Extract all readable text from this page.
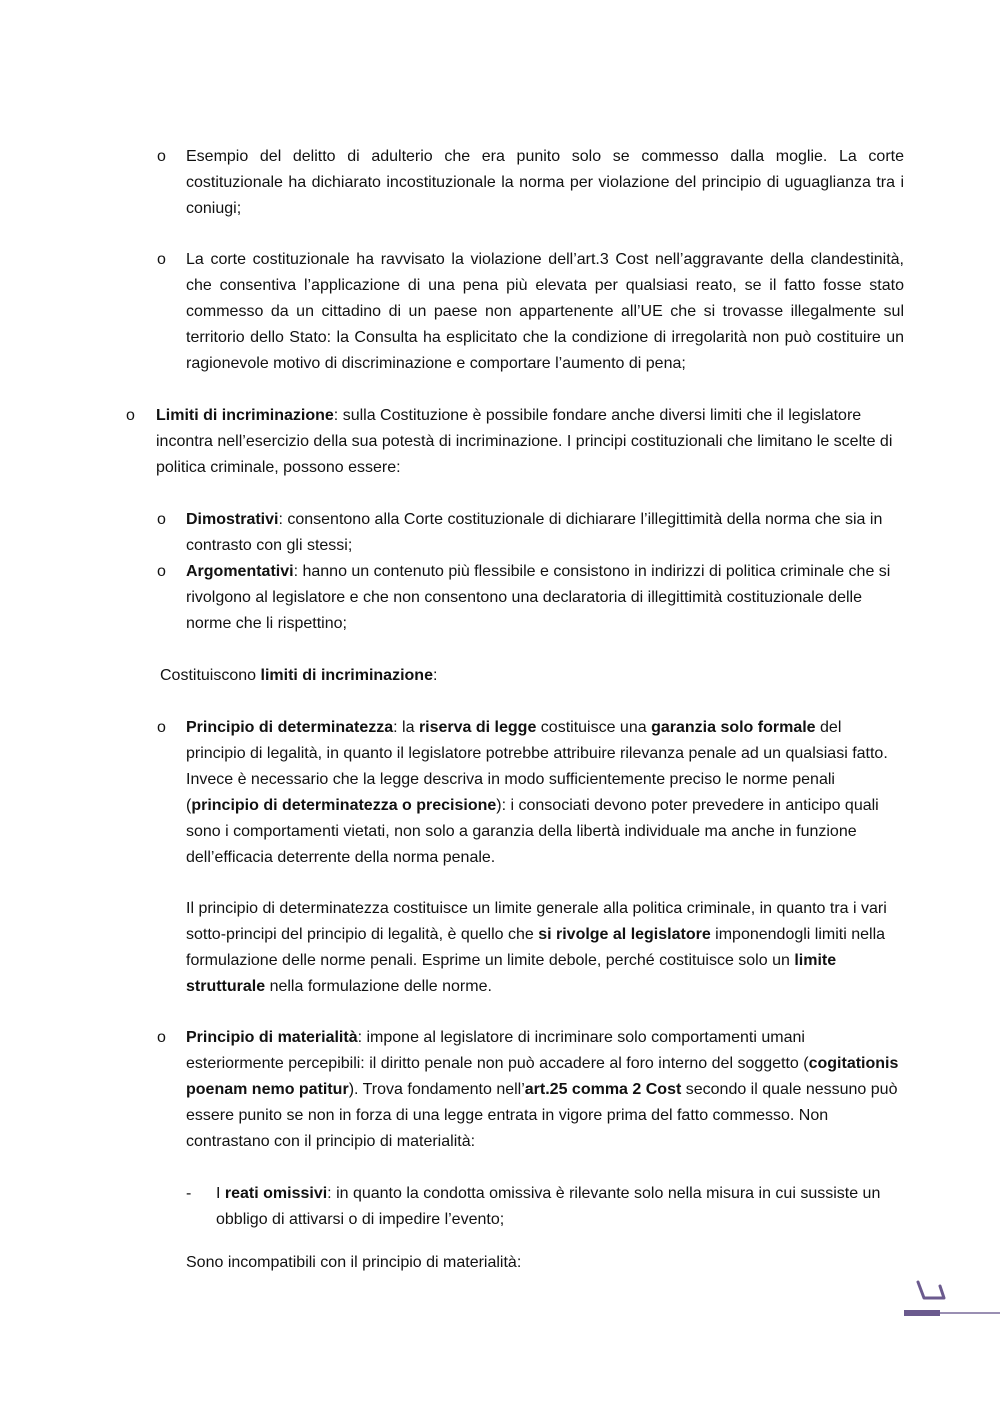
o Esempio del delitto di adulterio che era punito solo se commesso dalla moglie. La corte costituzionale ha dichiarato incostituzionale la norma per violazione del principio di uguaglianza tra i coniugi;

o La corte costituzionale ha ravvisato la violazione dell’art.3 Cost nell’aggravante della clandestinità, che consentiva l’applicazione di una pena più elevata per qualsiasi reato, se il fatto fosse stato commesso da un cittadino di un paese non appartenente all’UE che si trovasse illegalmente sul territorio dello Stato: la Consulta ha esplicitato che la condizione di irregolarità non può costituire un ragionevole motivo di discriminazione e comportare l’aumento di pena;

o Limiti di incriminazione: sulla Costituzione è possibile fondare anche diversi limiti che il legislatore incontra nell’esercizio della sua potestà di incriminazione. I principi costituzionali che limitano le scelte di politica criminale, possono essere:

o Dimostrativi: consentono alla Corte costituzionale di dichiarare l’illegittimità della norma che sia in contrasto con gli stessi;

o Argomentativi: hanno un contenuto più flessibile e consistono in indirizzi di politica criminale che si rivolgono al legislatore e che non consentono una declaratoria di illegittimità costituzionale delle norme che li rispettino;

Costituiscono limiti di incriminazione:

o Principio di determinatezza: la riserva di legge costituisce una garanzia solo formale del principio di legalità, in quanto il legislatore potrebbe attribuire rilevanza penale ad un qualsiasi fatto. Invece è necessario che la legge descriva in modo sufficientemente preciso le norme penali (principio di determinatezza o precisione): i consociati devono poter prevedere in anticipo quali sono i comportamenti vietati, non solo a garanzia della libertà individuale ma anche in funzione dell’efficacia deterrente della norma penale.

Il principio di determinatezza costituisce un limite generale alla politica criminale, in quanto tra i vari sotto-principi del principio di legalità, è quello che si rivolge al legislatore imponendogli limiti nella formulazione delle norme penali. Esprime un limite debole, perché costituisce solo un limite strutturale nella formulazione delle norme.

o Principio di materialità: impone al legislatore di incriminare solo comportamenti umani esteriormente percepibili: il diritto penale non può accadere al foro interno del soggetto (cogitationis poenam nemo patitur). Trova fondamento nell’art.25 comma 2 Cost secondo il quale nessuno può essere punito se non in forza di una legge entrata in vigore prima del fatto commesso. Non contrastano con il principio di materialità:

- I reati omissivi: in quanto la condotta omissiva è rilevante solo nella misura in cui sussiste un obbligo di attivarsi o di impedire l’evento;

Sono incompatibili con il principio di materialità:
